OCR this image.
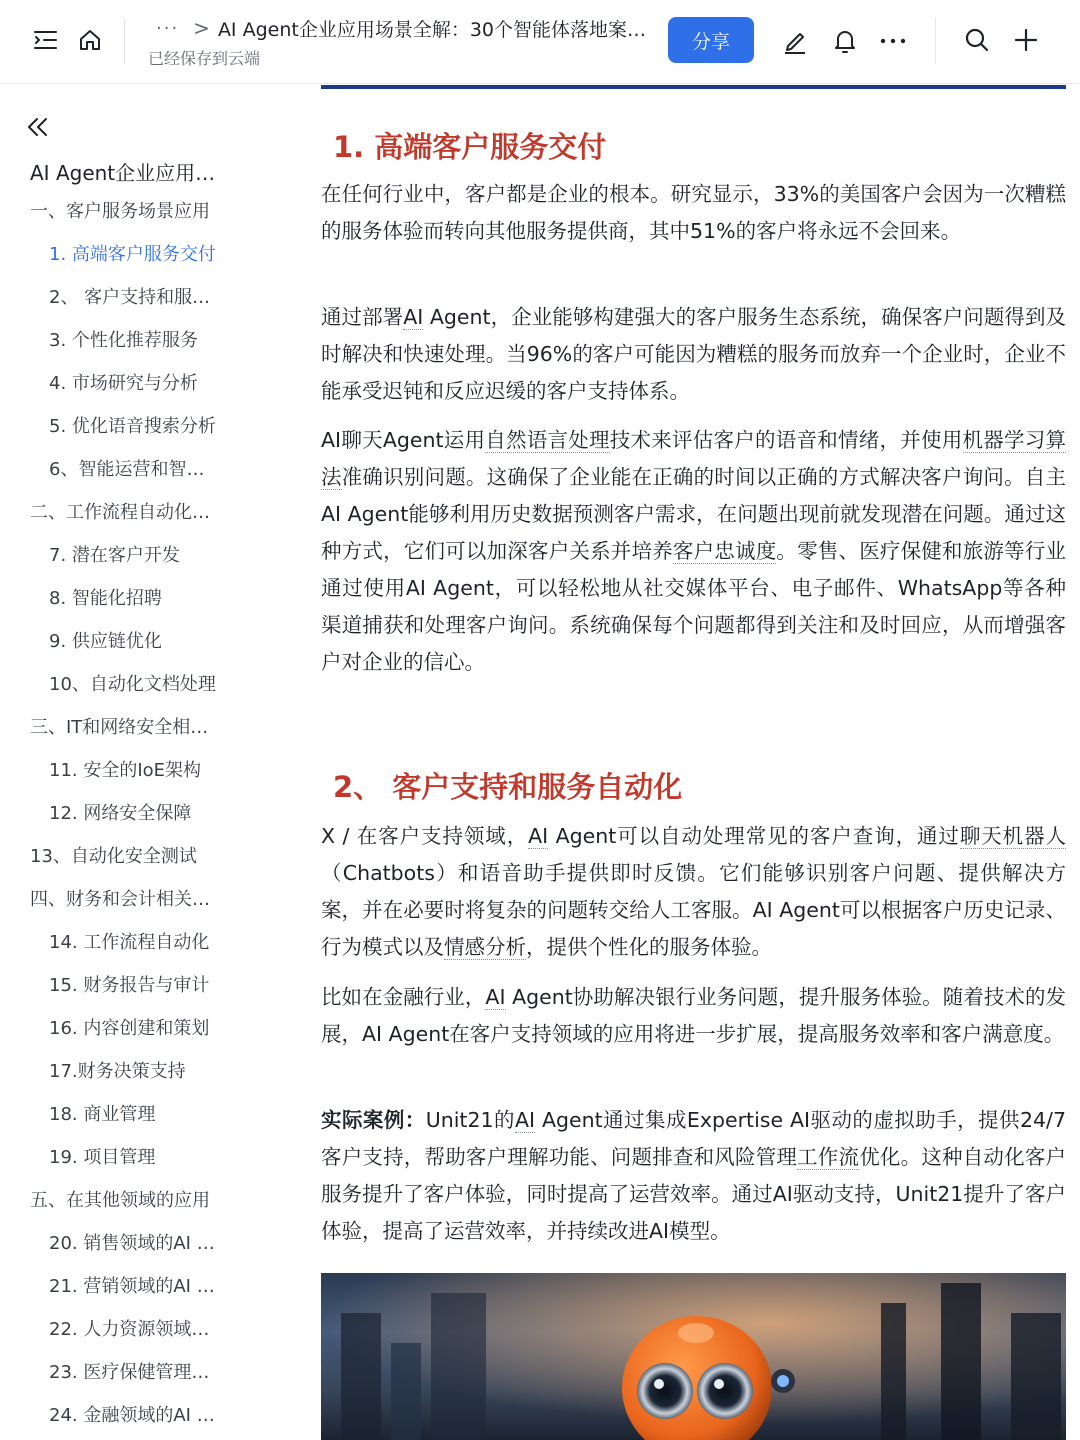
··· > AI Agent企业应用场景全解：30个智能体落地案…
已经保存到云端
分享
AI Agent企业应用…
一、客户服务场景应用
1. 高端客户服务交付
2、 客户支持和服…
3. 个性化推荐服务
4. 市场研究与分析
5. 优化语音搜索分析
6、智能运营和智…
二、工作流程自动化…
7. 潜在客户开发
8. 智能化招聘
9. 供应链优化
10、自动化文档处理
三、IT和网络安全相…
11. 安全的IoE架构
12. 网络安全保障
13、自动化安全测试
四、财务和会计相关…
14. 工作流程自动化
15. 财务报告与审计
16. 内容创建和策划
17.财务决策支持
18. 商业管理
19. 项目管理
五、在其他领域的应用
20. 销售领域的AI …
21. 营销领域的AI …
22. 人力资源领域…
23. 医疗保健管理…
24. 金融领域的AI …
1. 高端客户服务交付
在任何行业中，客户都是企业的根本。研究显示，33%的美国客户会因为一次糟糕的服务体验而转向其他服务提供商，其中51%的客户将永远不会回来。
通过部署AI Agent，企业能够构建强大的客户服务生态系统，确保客户问题得到及时解决和快速处理。当96%的客户可能因为糟糕的服务而放弃一个企业时，企业不能承受迟钝和反应迟缓的客户支持体系。
AI聊天Agent运用自然语言处理技术来评估客户的语音和情绪，并使用机器学习算法准确识别问题。这确保了企业能在正确的时间以正确的方式解决客户询问。自主AI Agent能够利用历史数据预测客户需求，在问题出现前就发现潜在问题。通过这种方式，它们可以加深客户关系并培养客户忠诚度。零售、医疗保健和旅游等行业通过使用AI Agent，可以轻松地从社交媒体平台、电子邮件、WhatsApp等各种渠道捕获和处理客户询问。系统确保每个问题都得到关注和及时回应，从而增强客户对企业的信心。
2、 客户支持和服务自动化
X / 在客户支持领域，AI Agent可以自动处理常见的客户查询，通过聊天机器人（Chatbots）和语音助手提供即时反馈。它们能够识别客户问题、提供解决方案，并在必要时将复杂的问题转交给人工客服。AI Agent可以根据客户历史记录、行为模式以及情感分析，提供个性化的服务体验。
比如在金融行业，AI Agent协助解决银行业务问题，提升服务体验。随着技术的发展，AI Agent在客户支持领域的应用将进一步扩展，提高服务效率和客户满意度。
实际案例：Unit21的AI Agent通过集成Expertise AI驱动的虚拟助手，提供24/7客户支持，帮助客户理解功能、问题排查和风险管理工作流优化。这种自动化客户服务提升了客户体验，同时提高了运营效率。通过AI驱动支持，Unit21提升了客户体验，提高了运营效率，并持续改进AI模型。
